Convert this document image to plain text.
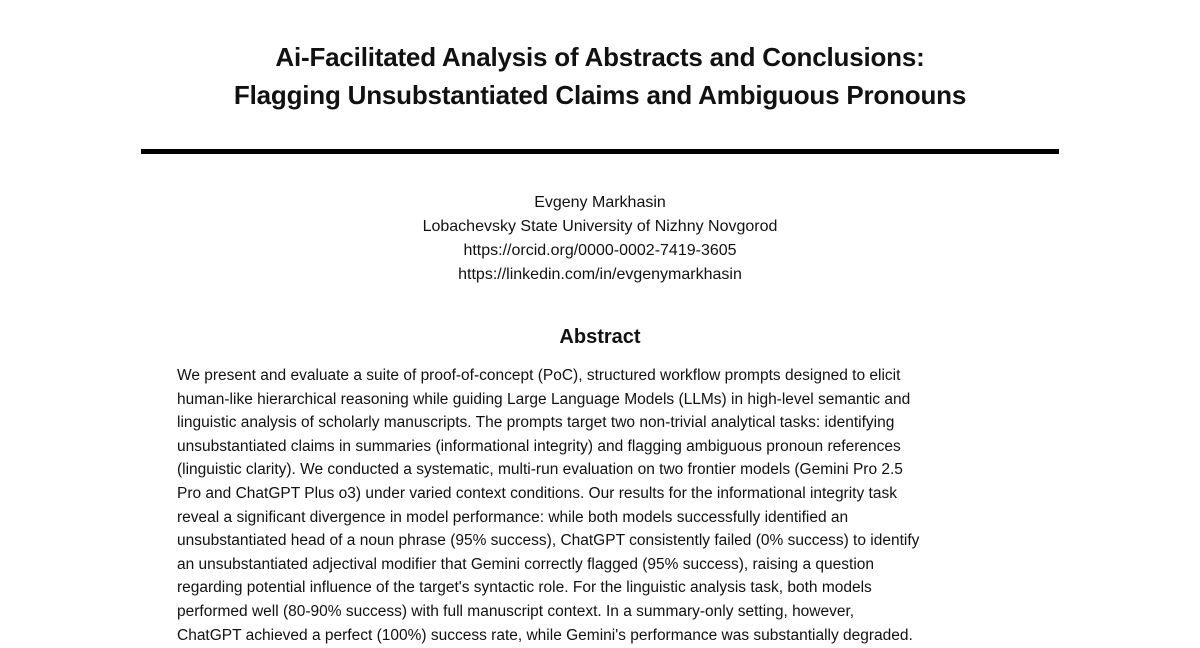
Ai-Facilitated Analysis of Abstracts and Conclusions:
Flagging Unsubstantiated Claims and Ambiguous Pronouns
Evgeny Markhasin
Lobachevsky State University of Nizhny Novgorod
https://orcid.org/0000-0002-7419-3605
https://linkedin.com/in/evgenymarkhasin
Abstract
We present and evaluate a suite of proof-of-concept (PoC), structured workflow prompts designed to elicit
human-like hierarchical reasoning while guiding Large Language Models (LLMs) in high-level semantic and
linguistic analysis of scholarly manuscripts. The prompts target two non-trivial analytical tasks: identifying
unsubstantiated claims in summaries (informational integrity) and flagging ambiguous pronoun references
(linguistic clarity). We conducted a systematic, multi-run evaluation on two frontier models (Gemini Pro 2.5
Pro and ChatGPT Plus o3) under varied context conditions. Our results for the informational integrity task
reveal a significant divergence in model performance: while both models successfully identified an
unsubstantiated head of a noun phrase (95% success), ChatGPT consistently failed (0% success) to identify
an unsubstantiated adjectival modifier that Gemini correctly flagged (95% success), raising a question
regarding potential influence of the target's syntactic role. For the linguistic analysis task, both models
performed well (80-90% success) with full manuscript context. In a summary-only setting, however,
ChatGPT achieved a perfect (100%) success rate, while Gemini's performance was substantially degraded.
